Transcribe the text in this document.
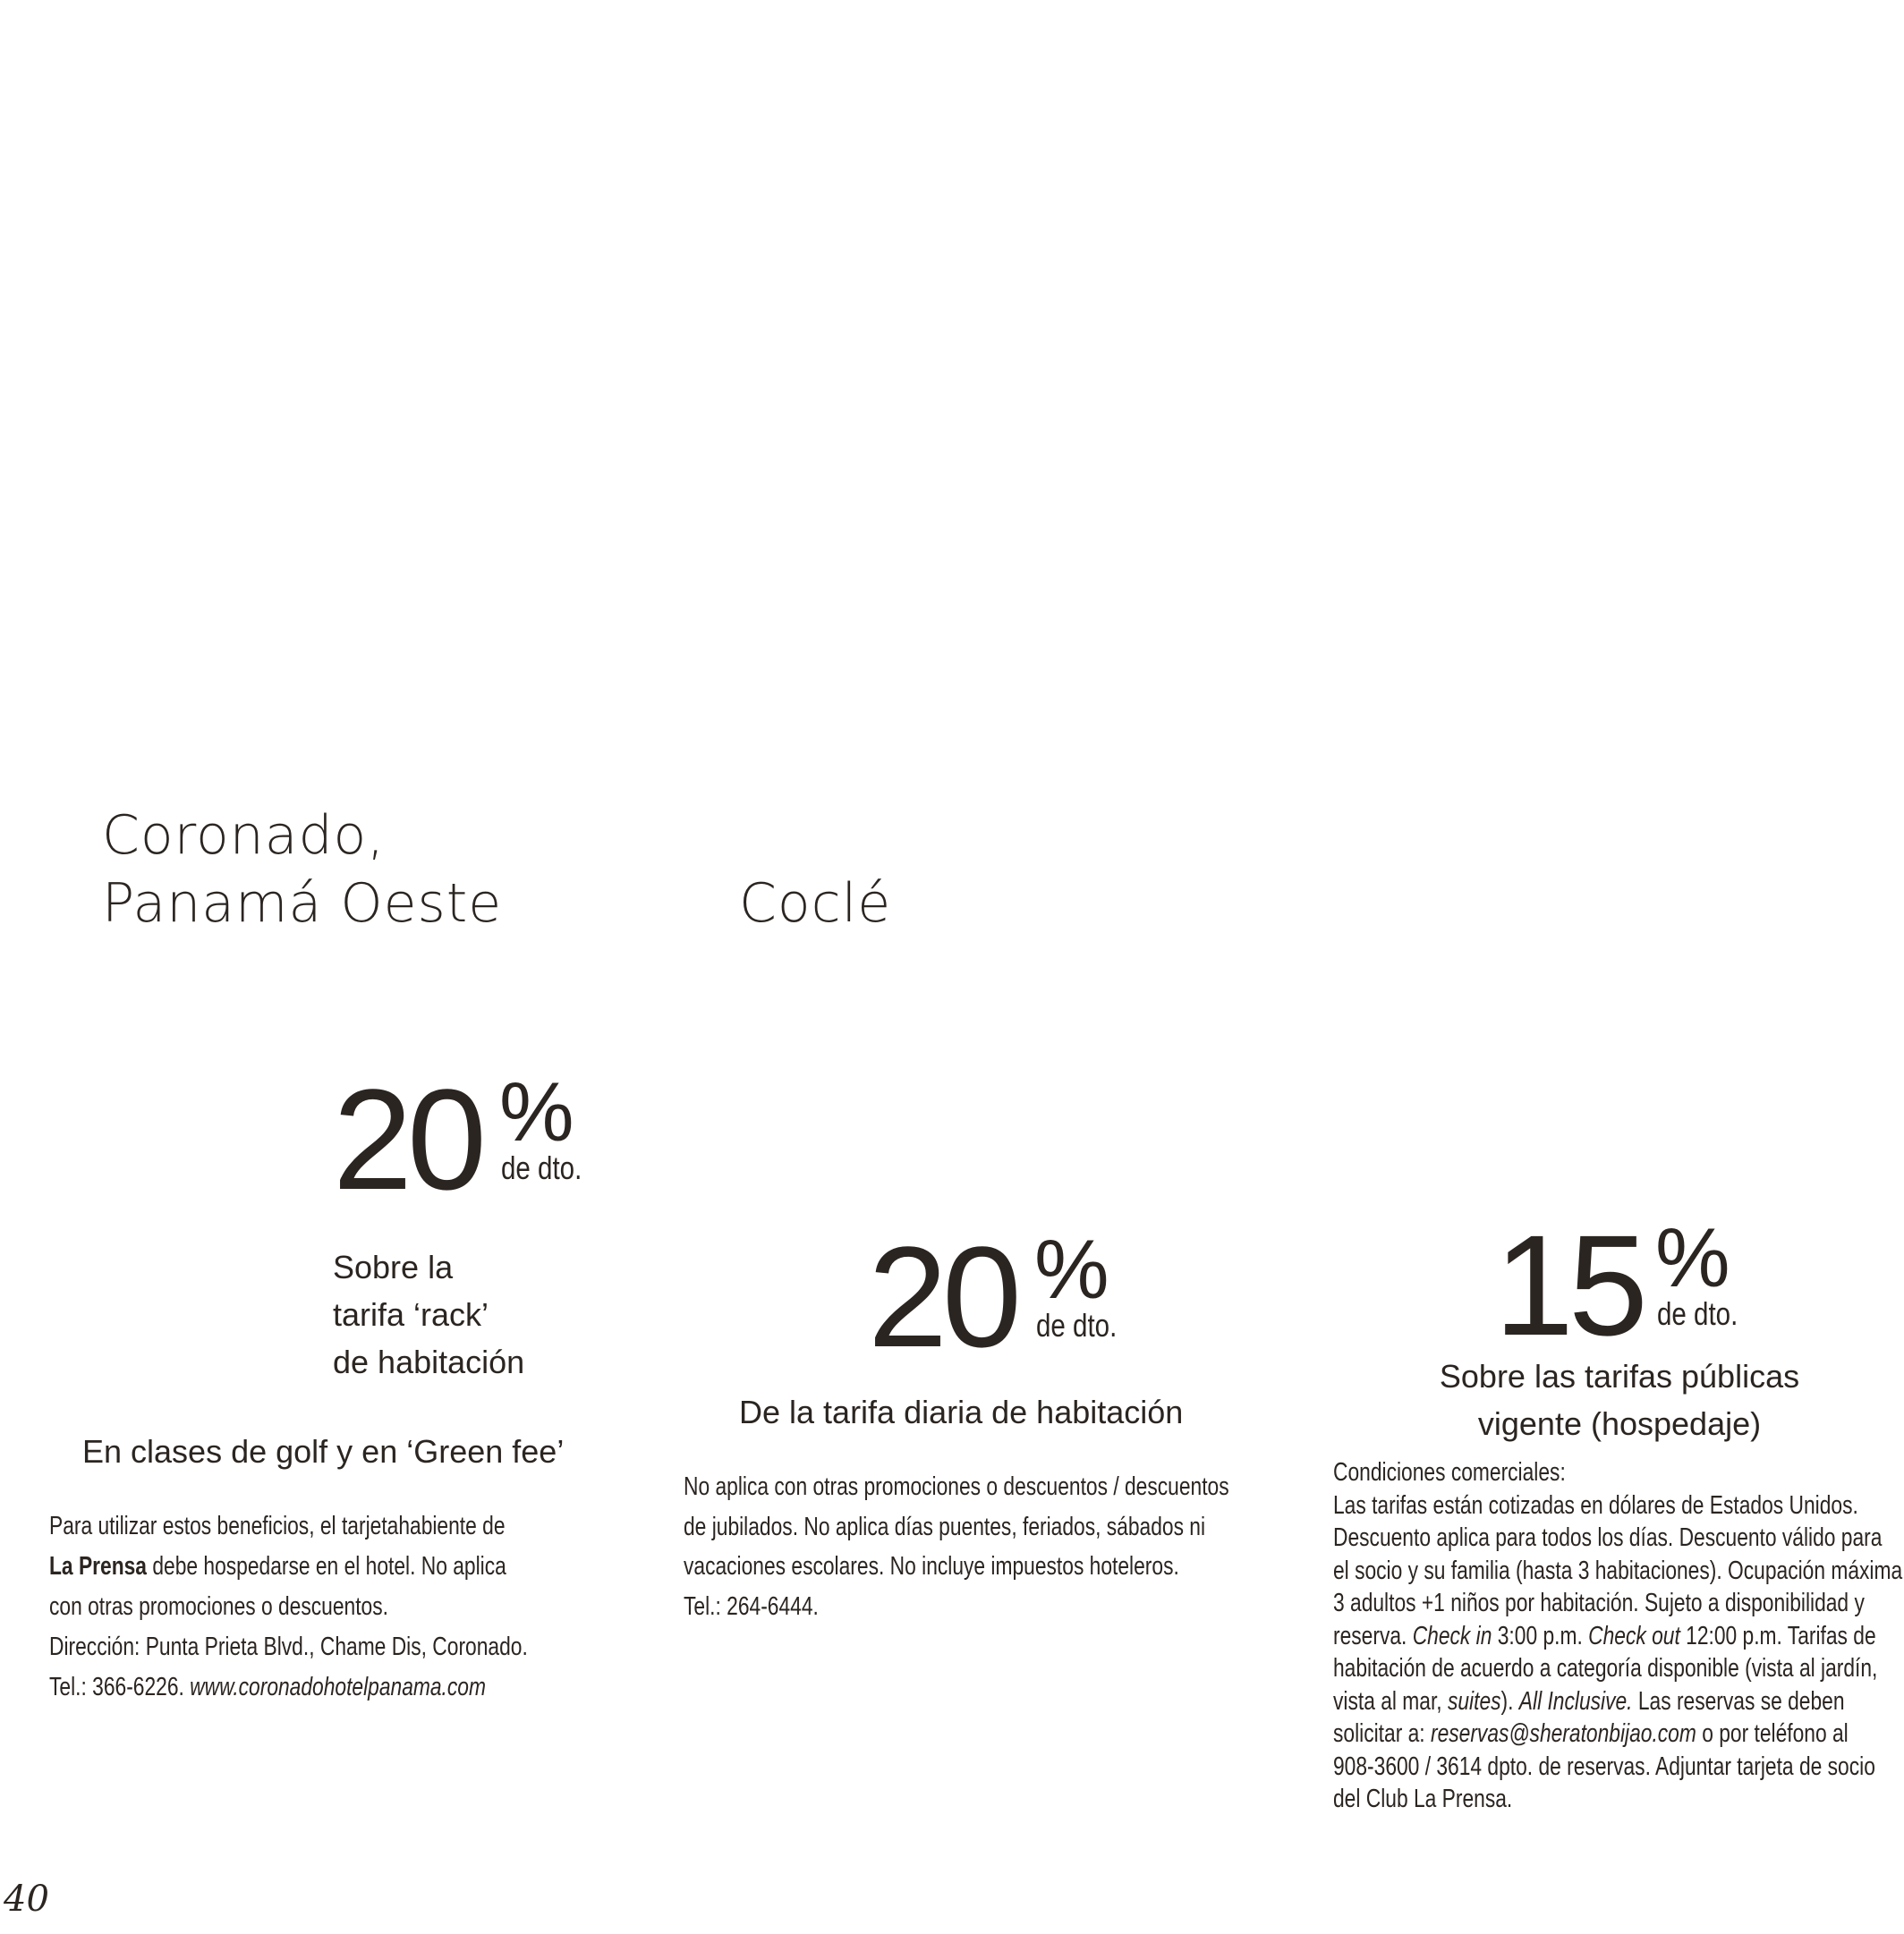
Coronado,
Panamá Oeste
20 %
de dto.
Sobre la
tarifa ‘rack’
de habitación
En clases de golf y en ‘Green fee’
Para utilizar estos beneficios, el tarjetahabiente de
La Prensa debe hospedarse en el hotel. No aplica
con otras promociones o descuentos.
Dirección: Punta Prieta Blvd., Chame Dis, Coronado.
Tel.: 366-6226. www.coronadohotelpanama.com
Coclé
20 %
de dto.
De la tarifa diaria de habitación
No aplica con otras promociones o descuentos / descuentos
de jubilados. No aplica días puentes, feriados, sábados ni
vacaciones escolares. No incluye impuestos hoteleros.
Tel.: 264-6444.
15 %
de dto.
Sobre las tarifas públicas
vigente (hospedaje)
Condiciones comerciales:
Las tarifas están cotizadas en dólares de Estados Unidos.
Descuento aplica para todos los días. Descuento válido para
el socio y su familia (hasta 3 habitaciones). Ocupación máxima
3 adultos +1 niños por habitación. Sujeto a disponibilidad y
reserva. Check in 3:00 p.m. Check out 12:00 p.m. Tarifas de
habitación de acuerdo a categoría disponible (vista al jardín,
vista al mar, suites). All Inclusive. Las reservas se deben
solicitar a: reservas@sheratonbijao.com o por teléfono al
908-3600 / 3614 dpto. de reservas. Adjuntar tarjeta de socio
del Club La Prensa.
40
